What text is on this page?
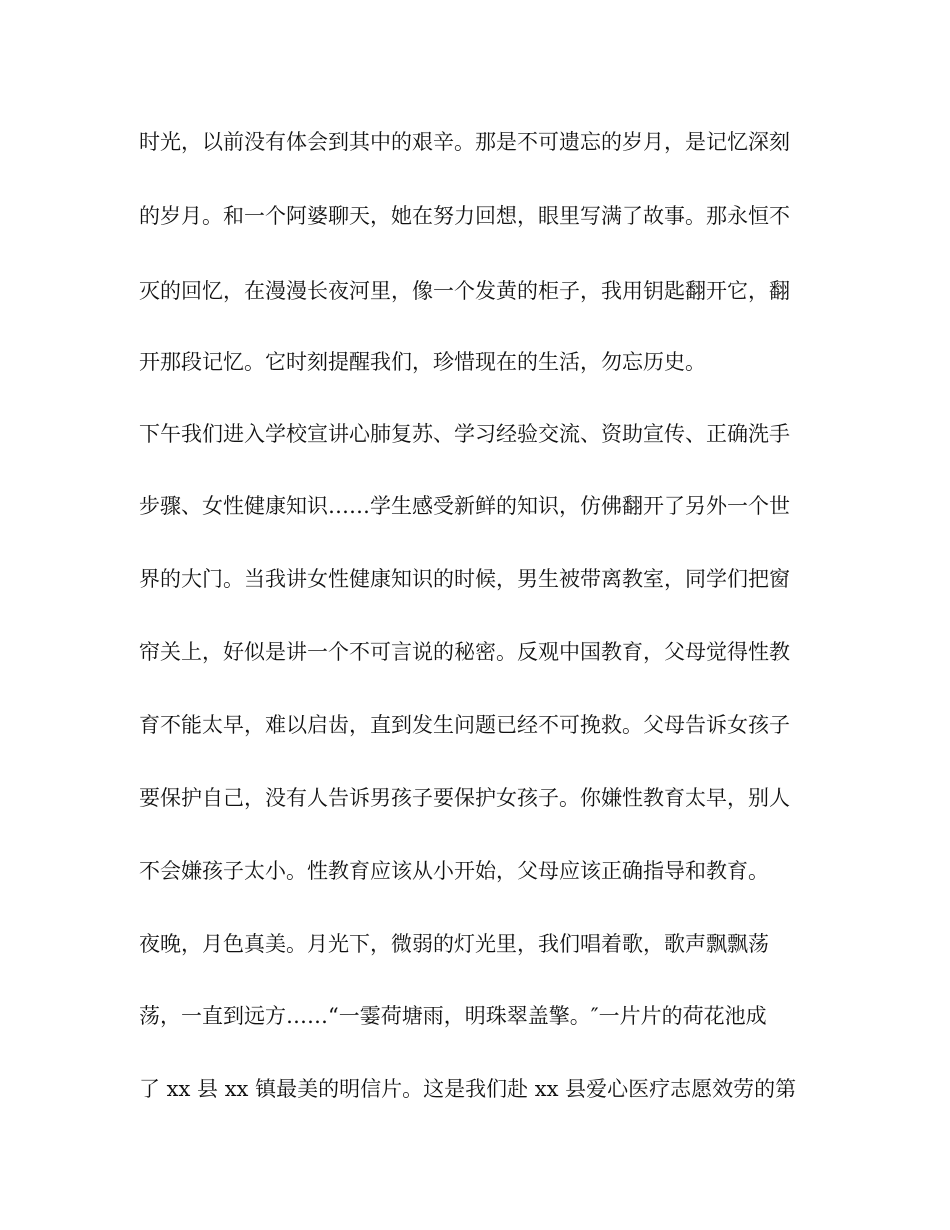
时光，以前没有体会到其中的艰辛。那是不可遗忘的岁月，是记忆深刻
的岁月。和一个阿婆聊天，她在努力回想，眼里写满了故事。那永恒不
灭的回忆，在漫漫长夜河里，像一个发黄的柜子，我用钥匙翻开它，翻
开那段记忆。它时刻提醒我们，珍惜现在的生活，勿忘历史。
下午我们进入学校宣讲心肺复苏、学习经验交流、资助宣传、正确洗手
步骤、女性健康知识……学生感受新鲜的知识，仿佛翻开了另外一个世
界的大门。当我讲女性健康知识的时候，男生被带离教室，同学们把窗
帘关上，好似是讲一个不可言说的秘密。反观中国教育，父母觉得性教
育不能太早，难以启齿，直到发生问题已经不可挽救。父母告诉女孩子
要保护自己，没有人告诉男孩子要保护女孩子。你嫌性教育太早，别人
不会嫌孩子太小。性教育应该从小开始，父母应该正确指导和教育。
夜晚，月色真美。月光下，微弱的灯光里，我们唱着歌，歌声飘飘荡
荡，一直到远方……“一霎荷塘雨，明珠翠盖擎。″一片片的荷花池成
了 xx 县 xx 镇最美的明信片。这是我们赴 xx 县爱心医疗志愿效劳的第
